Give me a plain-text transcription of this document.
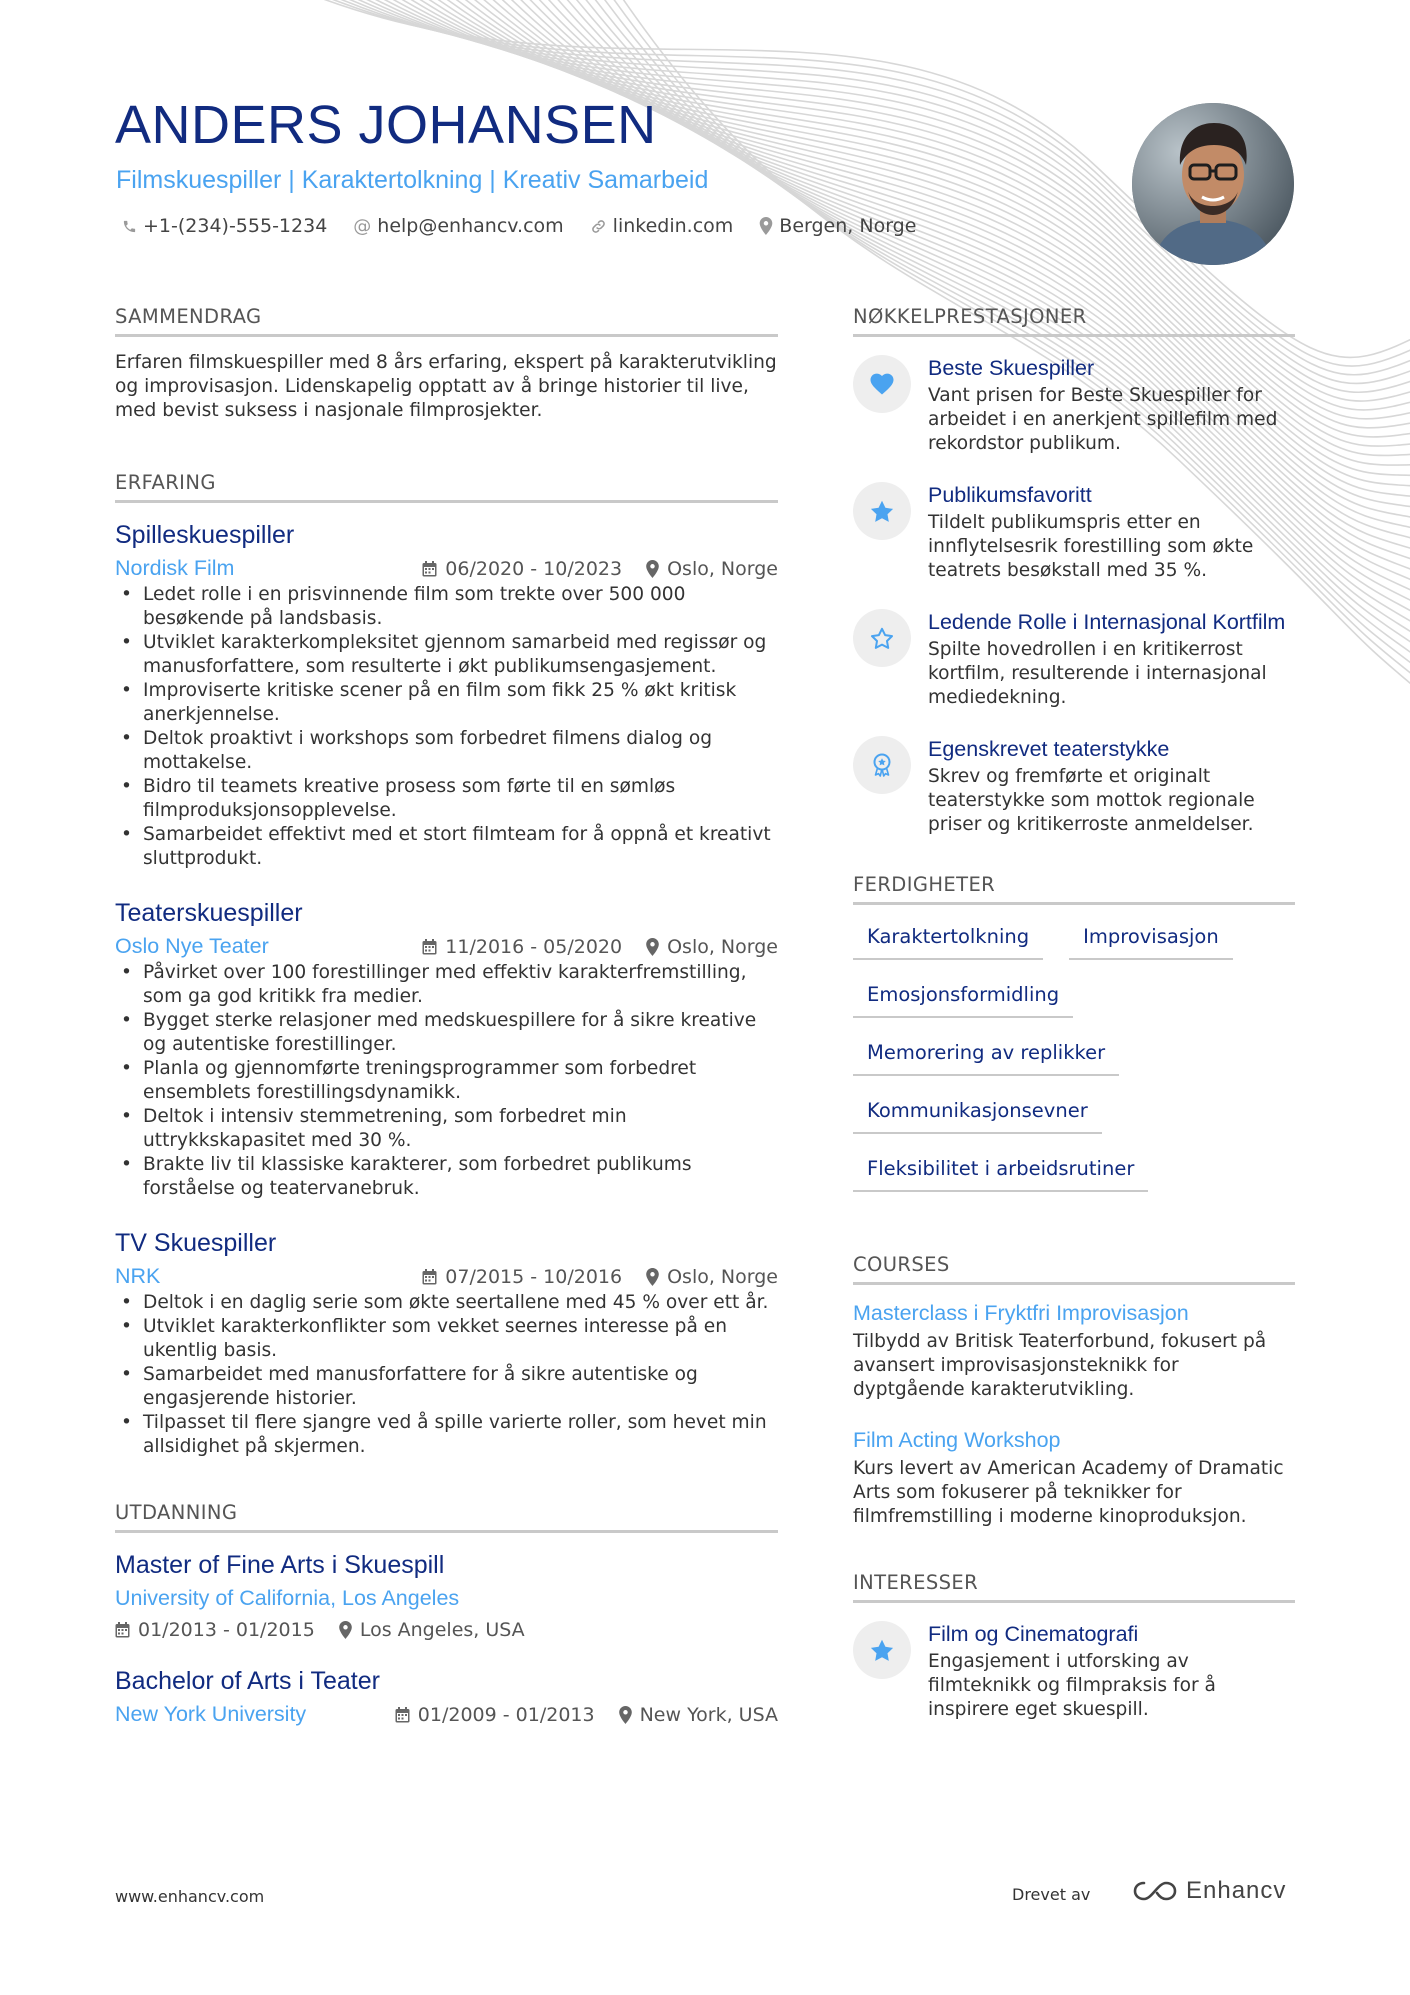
ANDERS JOHANSEN
Filmskuespiller | Karaktertolkning | Kreativ Samarbeid
+1-(234)-555-1234 @ help@enhancv.com	linkedin.com Bergen, Norge
SAMMENDRAG

Erfaren filmskuespiller med 8 års erfaring, ekspert på karakterutvikling og improvisasjon. Lidenskapelig opptatt av å bringe historier til live, med bevist suksess i nasjonale filmprosjekter.

ERFARING
Spilleskuespiller
Nordisk Film	06/2020 - 10/2023 Oslo, Norge
• Ledet rolle i en prisvinnende film som trekte over 500 000 besøkende på landsbasis.
• Utviklet karakterkompleksitet gjennom samarbeid med regissør og manusforfattere, som resulterte i økt publikumsengasjement.
• Improviserte kritiske scener på en film som fikk 25 % økt kritisk anerkjennelse.
• Deltok proaktivt i workshops som forbedret filmens dialog og mottakelse.
• Bidro til teamets kreative prosess som førte til en sømløs filmproduksjonsopplevelse.
• Samarbeidet effektivt med et stort filmteam for å oppnå et kreativt sluttprodukt.
Teaterskuespiller
Oslo Nye Teater	11/2016 - 05/2020 Oslo, Norge
• Påvirket over 100 forestillinger med effektiv karakterfremstilling, som ga god kritikk fra medier.
• Bygget sterke relasjoner med medskuespillere for å sikre kreative og autentiske forestillinger.
• Planla og gjennomførte treningsprogrammer som forbedret ensemblets forestillingsdynamikk.
• Deltok i intensiv stemmetrening, som forbedret min uttrykkskapasitet med 30 %.
• Brakte liv til klassiske karakterer, som forbedret publikums forståelse og teatervanebruk.
TV Skuespiller
NRK	07/2015 - 10/2016 Oslo, Norge
• Deltok i en daglig serie som økte seertallene med 45 % over ett år.
• Utviklet karakterkonflikter som vekket seernes interesse på en ukentlig basis.
• Samarbeidet med manusforfattere for å sikre autentiske og engasjerende historier.
• Tilpasset til flere sjangre ved å spille varierte roller, som hevet min allsidighet på skjermen.
UTDANNING
Master of Fine Arts i Skuespill
University of California, Los Angeles
01/2013 - 01/2015 Los Angeles, USA
Bachelor of Arts i Teater
New York University	01/2009 - 01/2013 New York, USA
NØKKELPRESTASJONER
Beste Skuespiller
Vant prisen for Beste Skuespiller for arbeidet i en anerkjent spillefilm med rekordstor publikum.
Publikumsfavoritt
Tildelt publikumspris etter en innflytelsesrik forestilling som økte teatrets besøkstall med 35 %.
Ledende Rolle i Internasjonal Kortfilm
Spilte hovedrollen i en kritikerrost kortfilm, resulterende i internasjonal mediedekning.
Egenskrevet teaterstykke
Skrev og fremførte et originalt teaterstykke som mottok regionale priser og kritikerroste anmeldelser.
FERDIGHETER
Karaktertolkning	Improvisasjon
Emosjonsformidling
Memorering av replikker
Kommunikasjonsevner
Fleksibilitet i arbeidsrutiner
COURSES
Masterclass i Fryktfri Improvisasjon
Tilbydd av Britisk Teaterforbund, fokusert på avansert improvisasjonsteknikk for dyptgående karakterutvikling.
Film Acting Workshop
Kurs levert av American Academy of Dramatic Arts som fokuserer på teknikker for filmfremstilling i moderne kinoproduksjon.
INTERESSER
Film og Cinematografi
Engasjement i utforsking av filmteknikk og filmpraksis for å inspirere eget skuespill.
www.enhancv.com	Drevet av	Enhancv
